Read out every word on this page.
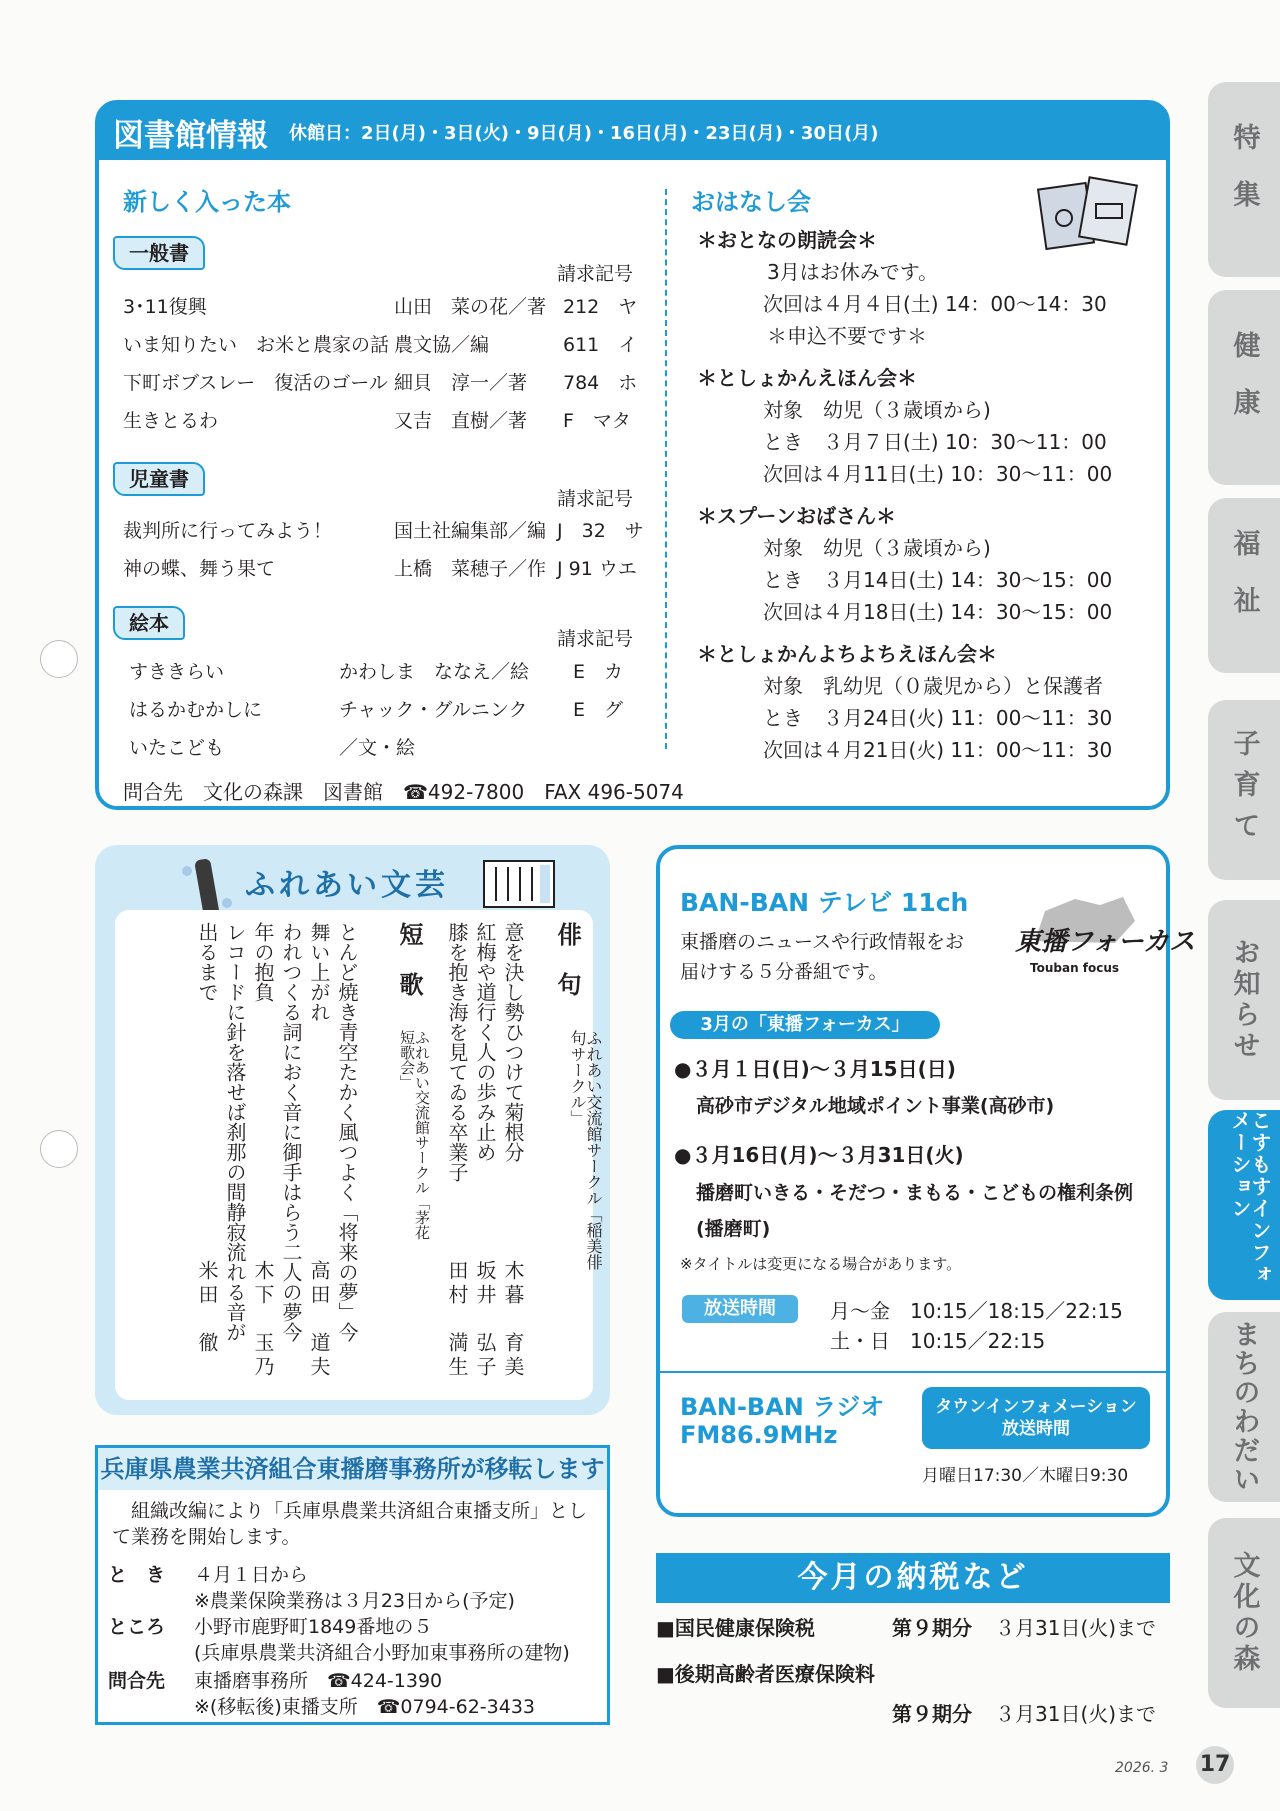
特集
健康
福祉
子育て
お知らせ
こすもすインフォメーション
まちのわだい
文化の森
図書館情報 休館日：2日(月)・3日(火)・9日(月)・16日(月)・23日(月)・30日(月)
新しく入った本
一般書
請求記号
3･11復興	山田　菜の花／著 212　ヤ
いま知りたい　お米と農家の話 農文協／編	611　イ
下町ボブスレー　復活のゴール 細貝　淳一／著 784　ホ
生きとるわ	又吉　直樹／著 F　マタ
児童書
請求記号
裁判所に行ってみよう！	国土社編集部／編 J　32　サ
神の蝶、舞う果て	上橋　菜穂子／作 J 91 ウエ
絵本
請求記号
すききらい	かわしま　ななえ／絵 E　カ
はるかむかしに	チャック・グルニンク E　グ
いたこども	／文・絵
問合先　文化の森課　図書館　☎492-7800　FAX 496-5074
おはなし会
＊おとなの朗読会＊
3月はお休みです。
次回は４月４日(土) 14：00〜14：30
＊申込不要です＊
＊としょかんえほん会＊
対象　幼児（３歳頃から)
とき　３月７日(土) 10：30〜11：00
次回は４月11日(土) 10：30〜11：00
＊スプーンおばさん＊
対象　幼児（３歳頃から)
とき　３月14日(土) 14：30〜15：00
次回は４月18日(土) 14：30〜15：00
＊としょかんよちよちえほん会＊
対象　乳幼児（０歳児から）と保護者
とき　３月24日(火) 11：00〜11：30
次回は４月21日(火) 11：00〜11：30
ふれあい文芸
俳句
ふれあい交流館サークル「稲美俳句サークル」
意を決し勢ひつけて菊根分
木暮　育美
紅梅や道行く人の歩み止め
坂井　弘子
膝を抱き海を見てゐる卒業子
田村　満生
短歌
ふれあい交流館サークル「茅花短歌会」
とんど焼き青空たかく風つよく「将来の夢」今
舞い上がれ
高田　道夫
われつくる詞におく音に御手はらう二人の夢今
年の抱負
木下　玉乃
レコードに針を落せば刹那の間静寂流れる音が
出るまで
米田　徹
兵庫県農業共済組合東播磨事務所が移転します
組織改編により「兵庫県農業共済組合東播支所」として業務を開始します。
と　き ４月１日から
※農業保険業務は３月23日から(予定)
ところ 小野市鹿野町1849番地の５
(兵庫県農業共済組合小野加東事務所の建物)
問合先 東播磨事務所　☎424-1390
※(移転後)東播支所　☎0794-62-3433
BAN-BAN テレビ 11ch
東播磨のニュースや行政情報をお届けする５分番組です。
東播フォーカス
Touban focus
3月の「東播フォーカス」
●３月１日(日)〜３月15日(日)
高砂市デジタル地域ポイント事業(高砂市)
●３月16日(月)〜３月31日(火)
播磨町いきる・そだつ・まもる・こどもの権利条例(播磨町)
※タイトルは変更になる場合があります。
放送時間	月〜金　10:15／18:15／22:15
土・日　10:15／22:15
BAN-BAN ラジオ
FM86.9MHz
タウンインフォメーション放送時間
月曜日17:30／木曜日9:30
今月の納税など
■国民健康保険税	第９期分 ３月31日(火)まで
■後期高齢者医療保険料
第９期分 ３月31日(火)まで
2026. 3 17
